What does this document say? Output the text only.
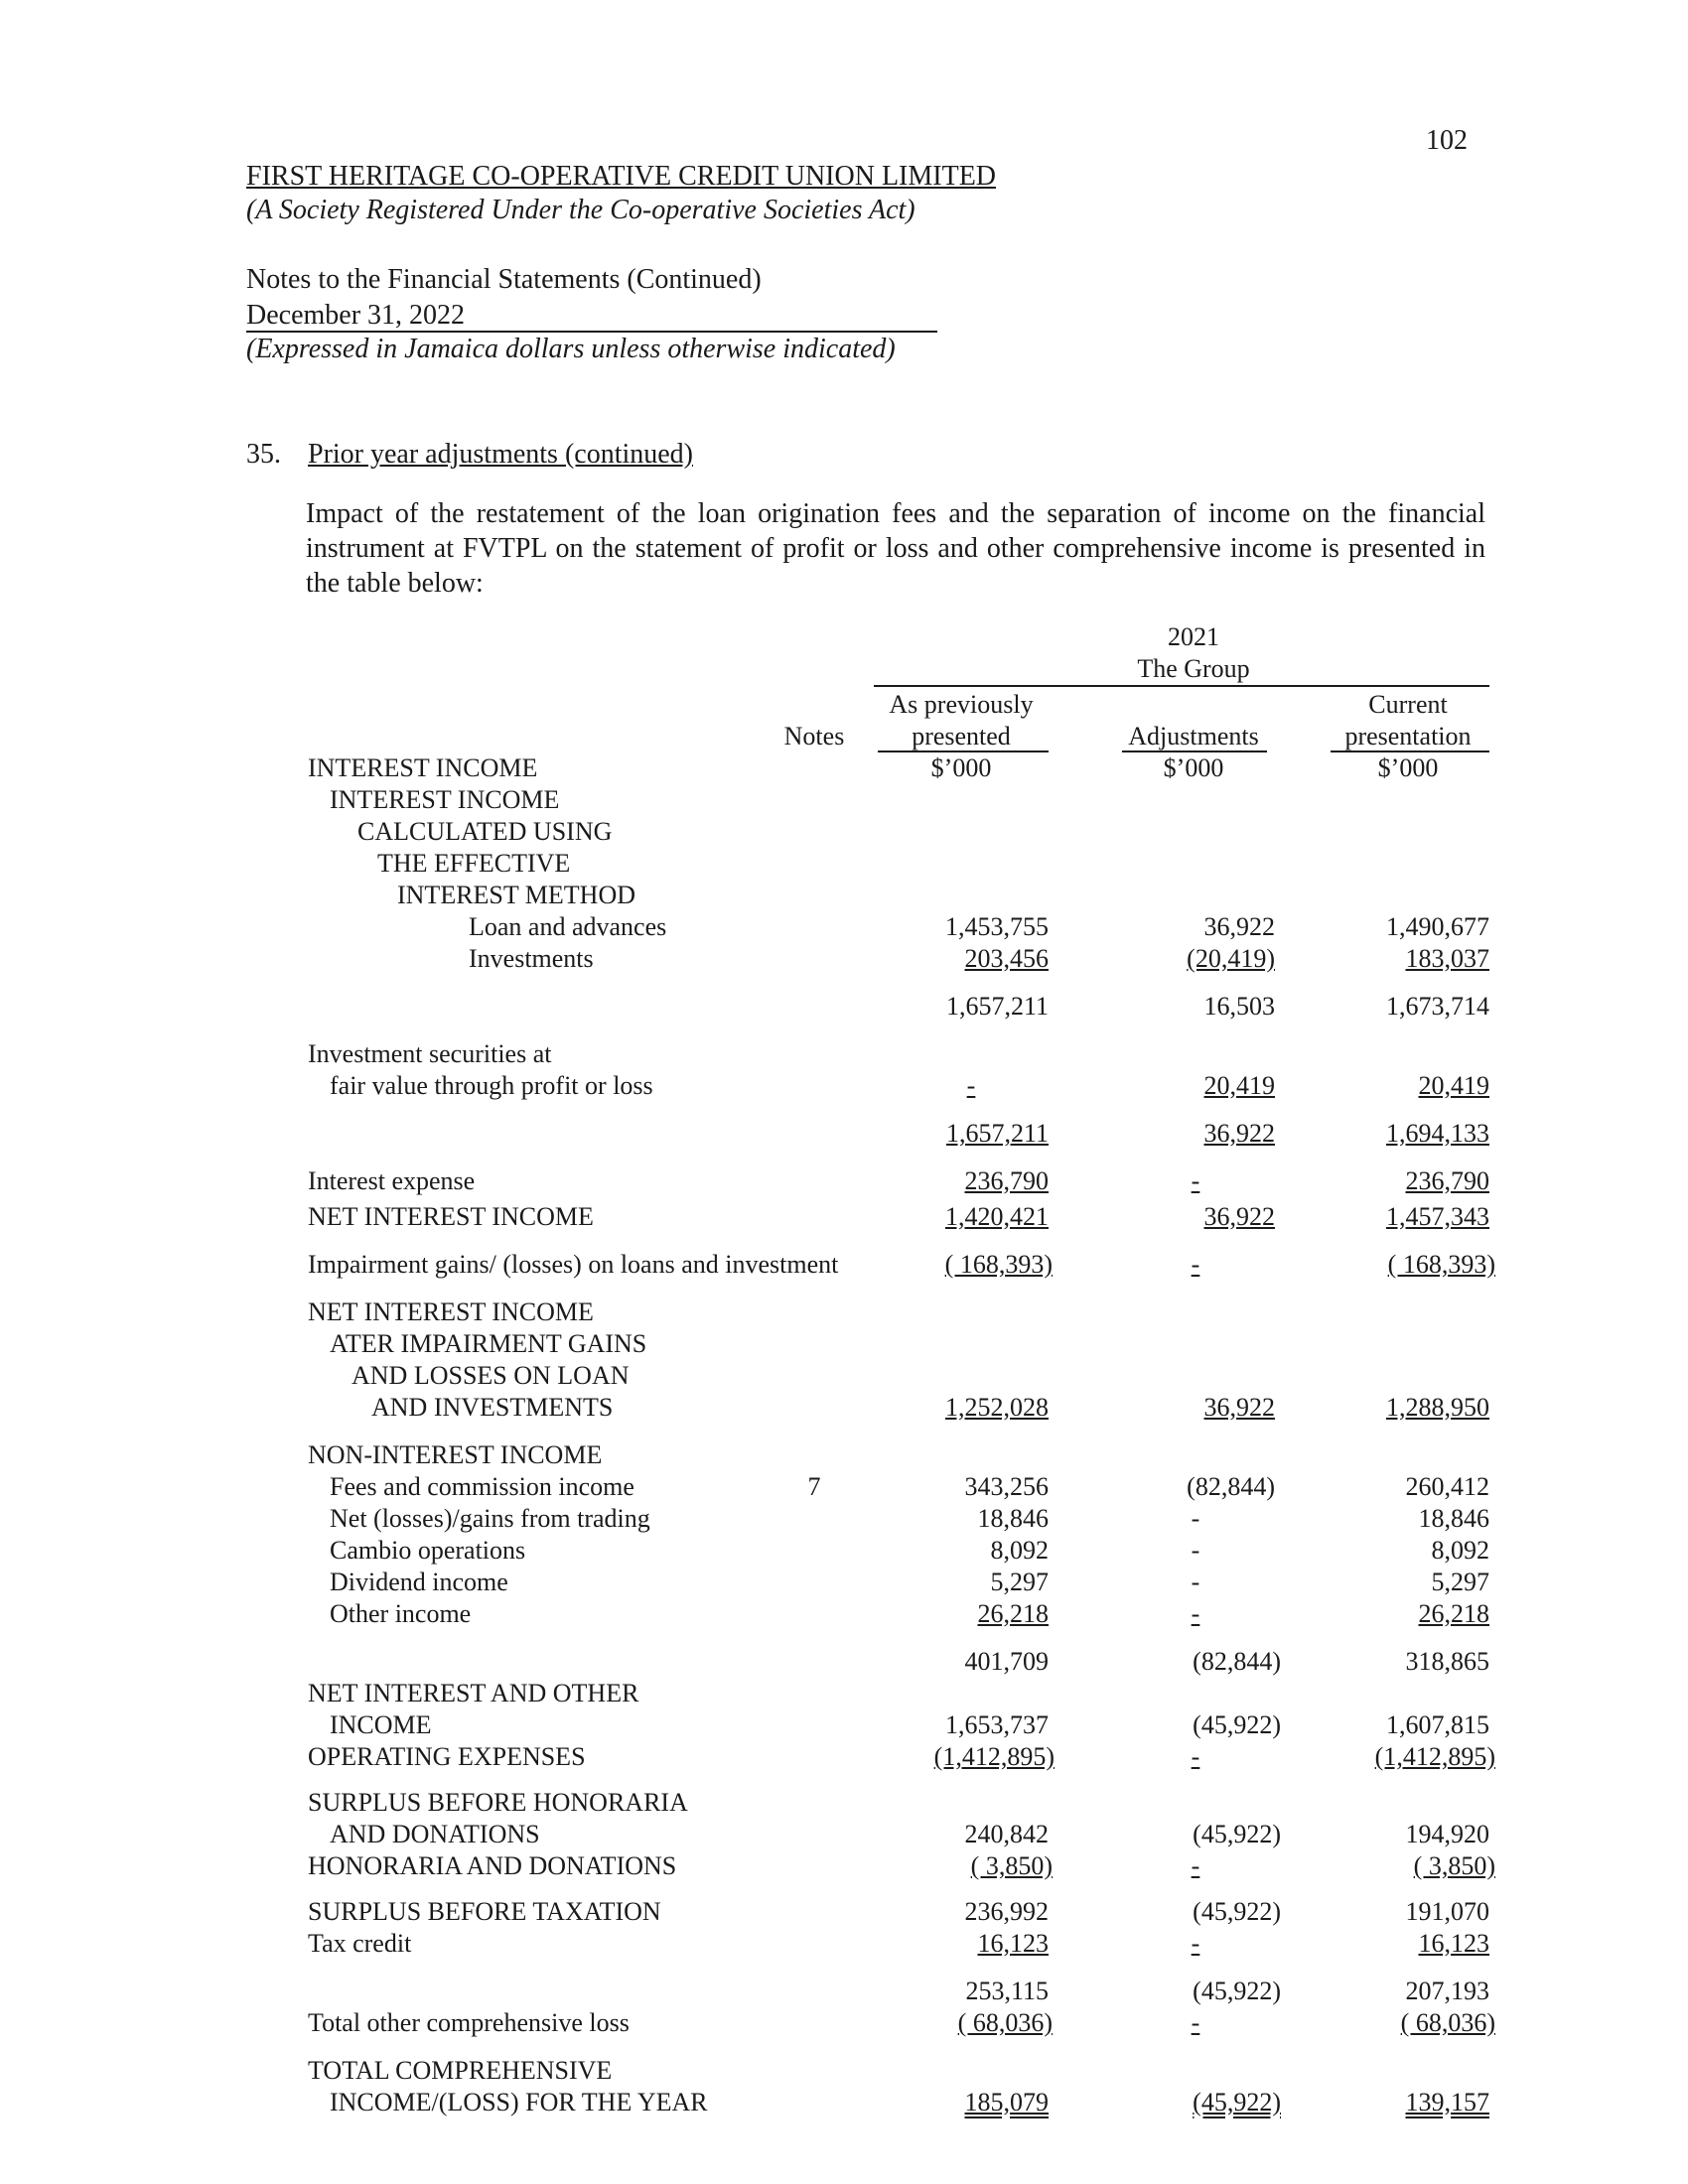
102
FIRST HERITAGE CO-OPERATIVE CREDIT UNION LIMITED
(A Society Registered Under the Co-operative Societies Act)
Notes to the Financial Statements (Continued)
December 31, 2022
(Expressed in Jamaica dollars unless otherwise indicated)
35. Prior year adjustments (continued)
Impact of the restatement of the loan origination fees and the separation of income on the financial instrument at FVTPL on the statement of profit or loss and other comprehensive income is presented in the table below:
2021
The Group
As previously	Current
Notes	presented	Adjustments	presentation
INTEREST INCOME	$’000	$’000	$’000
INTEREST INCOME
CALCULATED USING
THE EFFECTIVE
INTEREST METHOD
Loan and advances	1,453,755	36,922	1,490,677
Investments	203,456	(20,419)	183,037
1,657,211	16,503	1,673,714
Investment securities at
fair value through profit or loss	-	20,419	20,419
1,657,211	36,922	1,694,133
Interest expense	236,790	-	236,790
NET INTEREST INCOME	1,420,421	36,922	1,457,343
Impairment gains/ (losses) on loans and investment	( 168,393)	-	( 168,393)
NET INTEREST INCOME
ATER IMPAIRMENT GAINS
AND LOSSES ON LOAN
AND INVESTMENTS	1,252,028	36,922	1,288,950
NON-INTEREST INCOME
Fees and commission income	7	343,256	(82,844)	260,412
Net (losses)/gains from trading	18,846	-	18,846
Cambio operations	8,092	-	8,092
Dividend income	5,297	-	5,297
Other income	26,218	-	26,218
401,709	(82,844)	318,865
NET INTEREST AND OTHER
INCOME	1,653,737	(45,922)	1,607,815
OPERATING EXPENSES	(1,412,895)	-	(1,412,895)
SURPLUS BEFORE HONORARIA
AND DONATIONS	240,842	(45,922)	194,920
HONORARIA AND DONATIONS	( 3,850)	-	( 3,850)
SURPLUS BEFORE TAXATION	236,992	(45,922)	191,070
Tax credit	16,123	-	16,123
253,115	(45,922)	207,193
Total other comprehensive loss	( 68,036)	-	( 68,036)
TOTAL COMPREHENSIVE
INCOME/(LOSS) FOR THE YEAR	185,079	(45,922)	139,157
